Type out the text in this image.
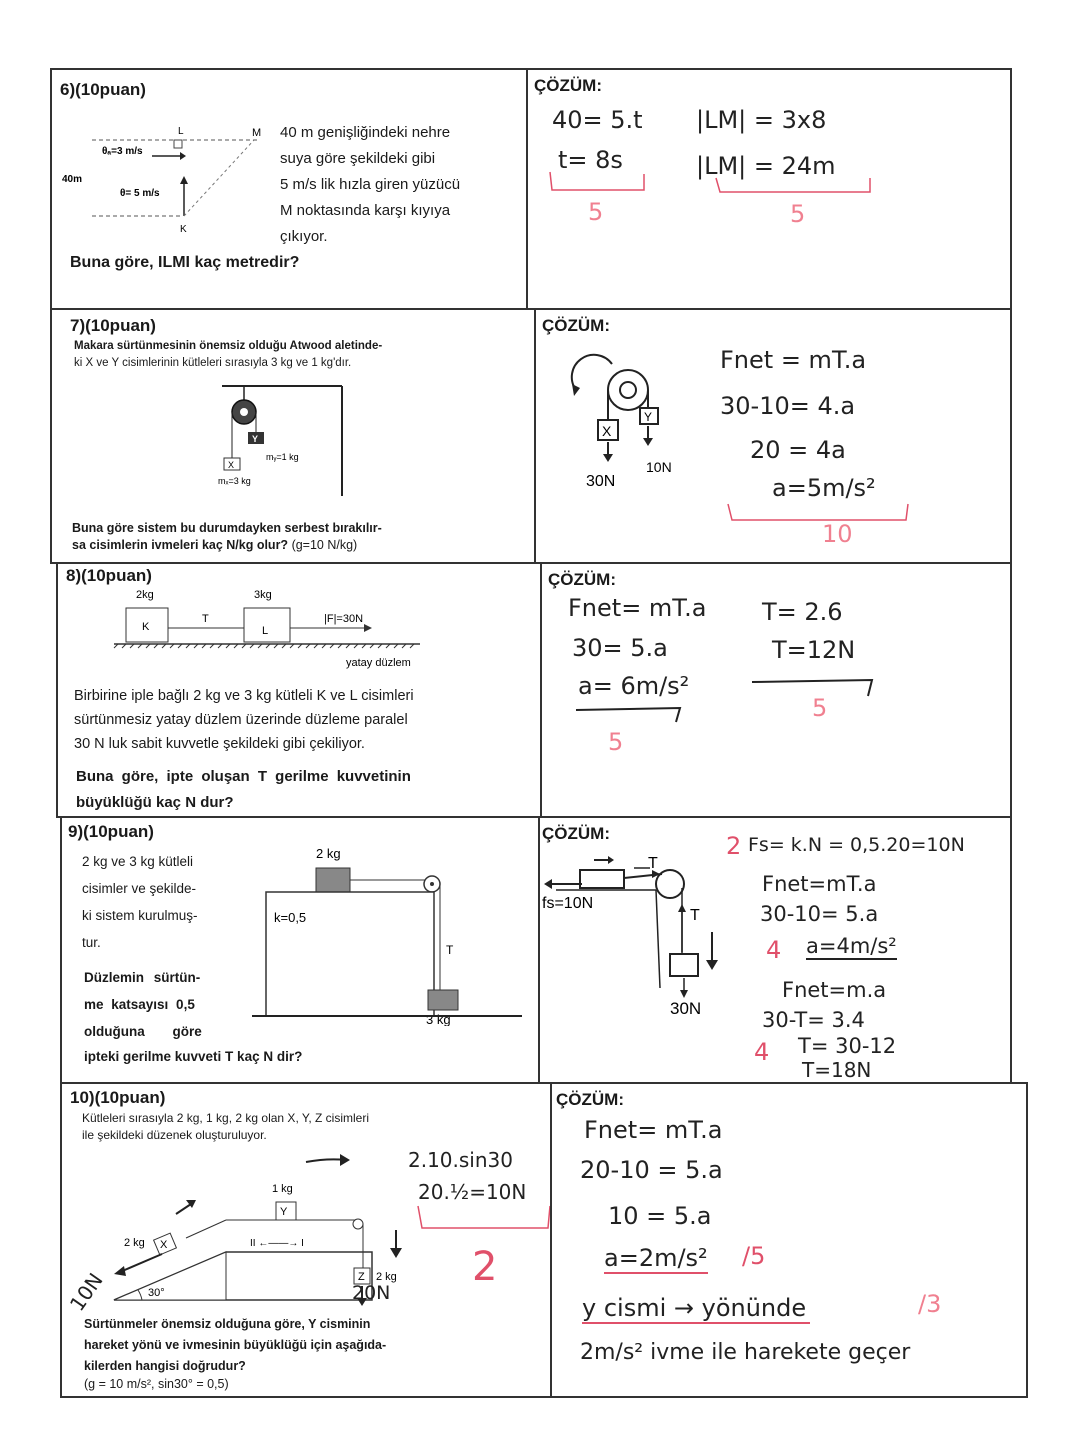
6)(10puan)
θₐ=3 m/s
θ= 5 m/s
40m
L	M
K
40 m genişliğindeki nehre
suya göre şekildeki gibi
5 m/s lik hızla giren yüzücü
M noktasında karşı kıyıya
çıkıyor.
Buna göre, ILMI kaç metredir?
ÇÖZÜM:
40= 5.t
t= 8s
|LM| = 3x8
|LM| = 24m
5	5
7)(10puan)
Makara sürtünmesinin önemsiz olduğu Atwood aletinde-
ki X ve Y cisimlerinin kütleleri sırasıyla 3 kg ve 1 kg'dır.
Y
X
mᵧ=1 kg
mₓ=3 kg
Buna göre sistem bu durumdayken serbest bırakılır-
sa cisimlerin ivmeleri kaç N/kg olur? (g=10 N/kg)
ÇÖZÜM:
X
Y
30N
10N
Fnet = mT.a
30-10= 4.a
20 = 4a
a=5m/s²
10
8)(10puan)
2kg	3kg
K
T
L
|F|=30N
yatay düzlem
Birbirine iple bağlı 2 kg ve 3 kg kütleli K ve L cisimleri
sürtünmesiz yatay düzlem üzerinde düzleme paralel
30 N luk sabit kuvvetle şekildeki gibi çekiliyor.
Buna göre, ipte oluşan T gerilme kuvvetinin
büyüklüğü kaç N dur?
ÇÖZÜM:
Fnet= mT.a
30= 5.a
a= 6m/s²
T= 2.6
T=12N
5
5
9)(10puan)
2 kg ve 3 kg kütleli
cisimler ve şekilde-
ki sistem kurulmuş-
tur.
Düzlemin sürtün-
me katsayısı 0,5
olduğuna göre
ipteki gerilme kuvveti T kaç N dir?
2 kg
k=0,5
T
3 kg
ÇÖZÜM:
T
fs=10N
T
30N
2 Fs= k.N = 0,5.20=10N
Fnet=mT.a
30-10= 5.a
4 a=4m/s²
Fnet=m.a
30-T= 3.4
4 T= 30-12
T=18N
10)(10puan)
Kütleleri sırasıyla 2 kg, 1 kg, 2 kg olan X, Y, Z cisimleri
ile şekildeki düzenek oluşturuluyor.
1 kg
Y
II ←——→ I
X
2 kg
Z 2 kg
30°
2.10.sin30
20.½=10N
10N	20N
2
Sürtünmeler önemsiz olduğuna göre, Y cisminin
hareket yönü ve ivmesinin büyüklüğü için aşağıda-
kilerden hangisi doğrudur?
(g = 10 m/s², sin30° = 0,5)
ÇÖZÜM:
Fnet= mT.a
20-10 = 5.a
10 = 5.a
a=2m/s² /5
y cismi → yönünde	/3
2m/s² ivme ile harekete geçer
